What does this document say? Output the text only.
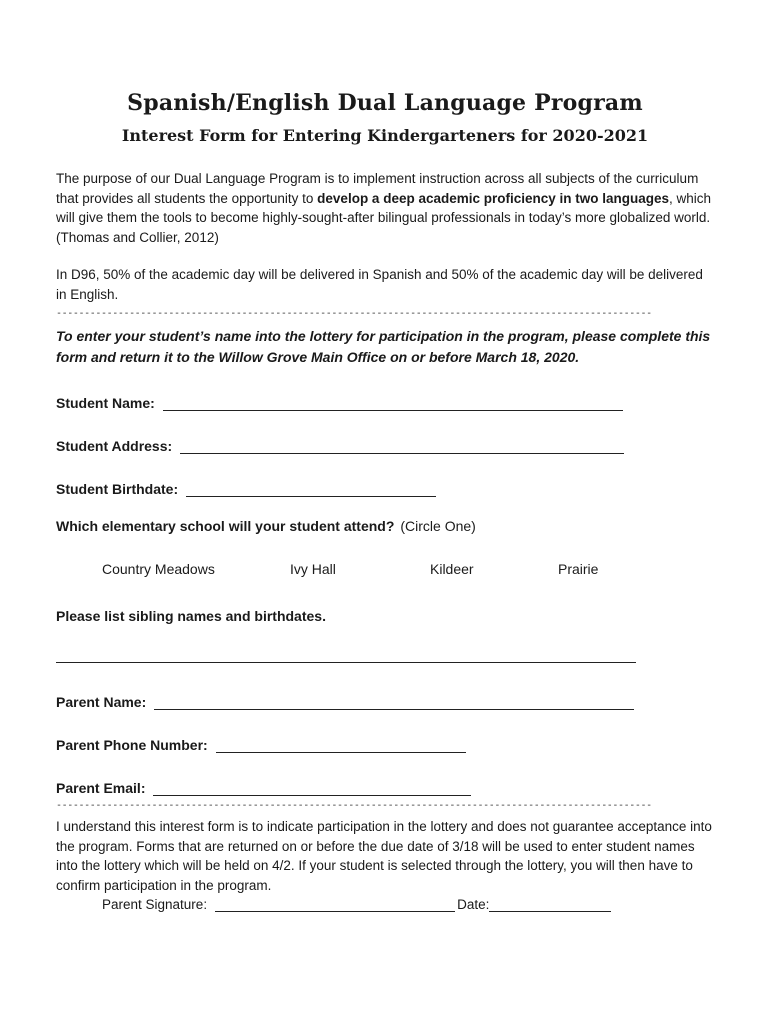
Spanish/English Dual Language Program
Interest Form for Entering Kindergarteners for 2020-2021

The purpose of our Dual Language Program is to implement instruction across all subjects of the curriculum that provides all students the opportunity to develop a deep academic proficiency in two languages, which will give them the tools to become highly-sought-after bilingual professionals in today’s more globalized world. (Thomas and Collier, 2012)

In D96, 50% of the academic day will be delivered in Spanish and 50% of the academic day will be delivered in English.

----------------------------------------------------------------------------------------------------------

To enter your student’s name into the lottery for participation in the program, please complete this form and return it to the Willow Grove Main Office on or before March 18, 2020.

Student Name:
Student Address:
Student Birthdate:
Which elementary school will your student attend? (Circle One)
Country Meadows	Ivy Hall	Kildeer	Prairie
Please list sibling names and birthdates.
Parent Name:
Parent Phone Number:
Parent Email:
----------------------------------------------------------------------------------------------------------

I understand this interest form is to indicate participation in the lottery and does not guarantee acceptance into the program. Forms that are returned on or before the due date of 3/18 will be used to enter student names into the lottery which will be held on 4/2. If your student is selected through the lottery, you will then have to confirm participation in the program.

Parent Signature:	Date:
